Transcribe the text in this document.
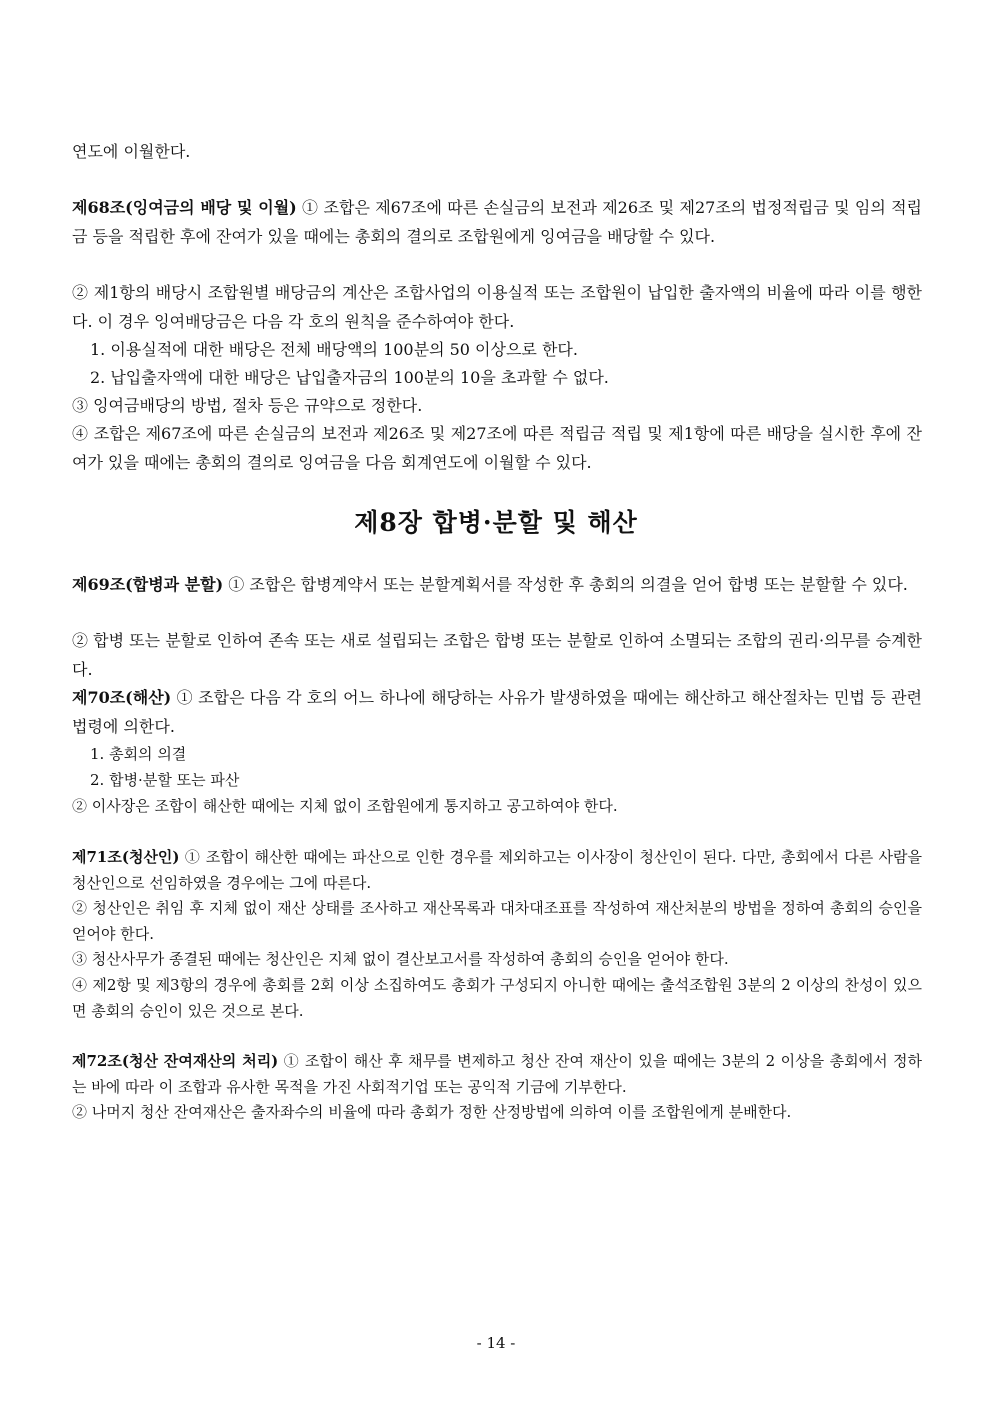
연도에 이월한다.
제68조(잉여금의 배당 및 이월) ① 조합은 제67조에 따른 손실금의 보전과 제26조 및 제27조의 법정적립금 및 임의 적립금 등을 적립한 후에 잔여가 있을 때에는 총회의 결의로 조합원에게 잉여금을 배당할 수 있다.
② 제1항의 배당시 조합원별 배당금의 계산은 조합사업의 이용실적 또는 조합원이 납입한 출자액의 비율에 따라 이를 행한다. 이 경우 잉여배당금은 다음 각 호의 원칙을 준수하여야 한다.
1. 이용실적에 대한 배당은 전체 배당액의 100분의 50 이상으로 한다.
2. 납입출자액에 대한 배당은 납입출자금의 100분의 10을 초과할 수 없다.
③ 잉여금배당의 방법, 절차 등은 규약으로 정한다.
④ 조합은 제67조에 따른 손실금의 보전과 제26조 및 제27조에 따른 적립금 적립 및 제1항에 따른 배당을 실시한 후에 잔여가 있을 때에는 총회의 결의로 잉여금을 다음 회계연도에 이월할 수 있다.
제8장 합병·분할 및 해산
제69조(합병과 분할) ① 조합은 합병계약서 또는 분할계획서를 작성한 후 총회의 의결을 얻어 합병 또는 분할할 수 있다.
② 합병 또는 분할로 인하여 존속 또는 새로 설립되는 조합은 합병 또는 분할로 인하여 소멸되는 조합의 권리·의무를 승계한다.
제70조(해산) ① 조합은 다음 각 호의 어느 하나에 해당하는 사유가 발생하였을 때에는 해산하고 해산절차는 민법 등 관련 법령에 의한다.
1. 총회의 의결
2. 합병·분할 또는 파산
② 이사장은 조합이 해산한 때에는 지체 없이 조합원에게 통지하고 공고하여야 한다.
제71조(청산인) ① 조합이 해산한 때에는 파산으로 인한 경우를 제외하고는 이사장이 청산인이 된다. 다만, 총회에서 다른 사람을 청산인으로 선임하였을 경우에는 그에 따른다.
② 청산인은 취임 후 지체 없이 재산 상태를 조사하고 재산목록과 대차대조표를 작성하여 재산처분의 방법을 정하여 총회의 승인을 얻어야 한다.
③ 청산사무가 종결된 때에는 청산인은 지체 없이 결산보고서를 작성하여 총회의 승인을 얻어야 한다.
④ 제2항 및 제3항의 경우에 총회를 2회 이상 소집하여도 총회가 구성되지 아니한 때에는 출석조합원 3분의 2 이상의 찬성이 있으면 총회의 승인이 있은 것으로 본다.
제72조(청산 잔여재산의 처리) ① 조합이 해산 후 채무를 변제하고 청산 잔여 재산이 있을 때에는 3분의 2 이상을 총회에서 정하는 바에 따라 이 조합과 유사한 목적을 가진 사회적기업 또는 공익적 기금에 기부한다.
② 나머지 청산 잔여재산은 출자좌수의 비율에 따라 총회가 정한 산정방법에 의하여 이를 조합원에게 분배한다.
- 14 -
